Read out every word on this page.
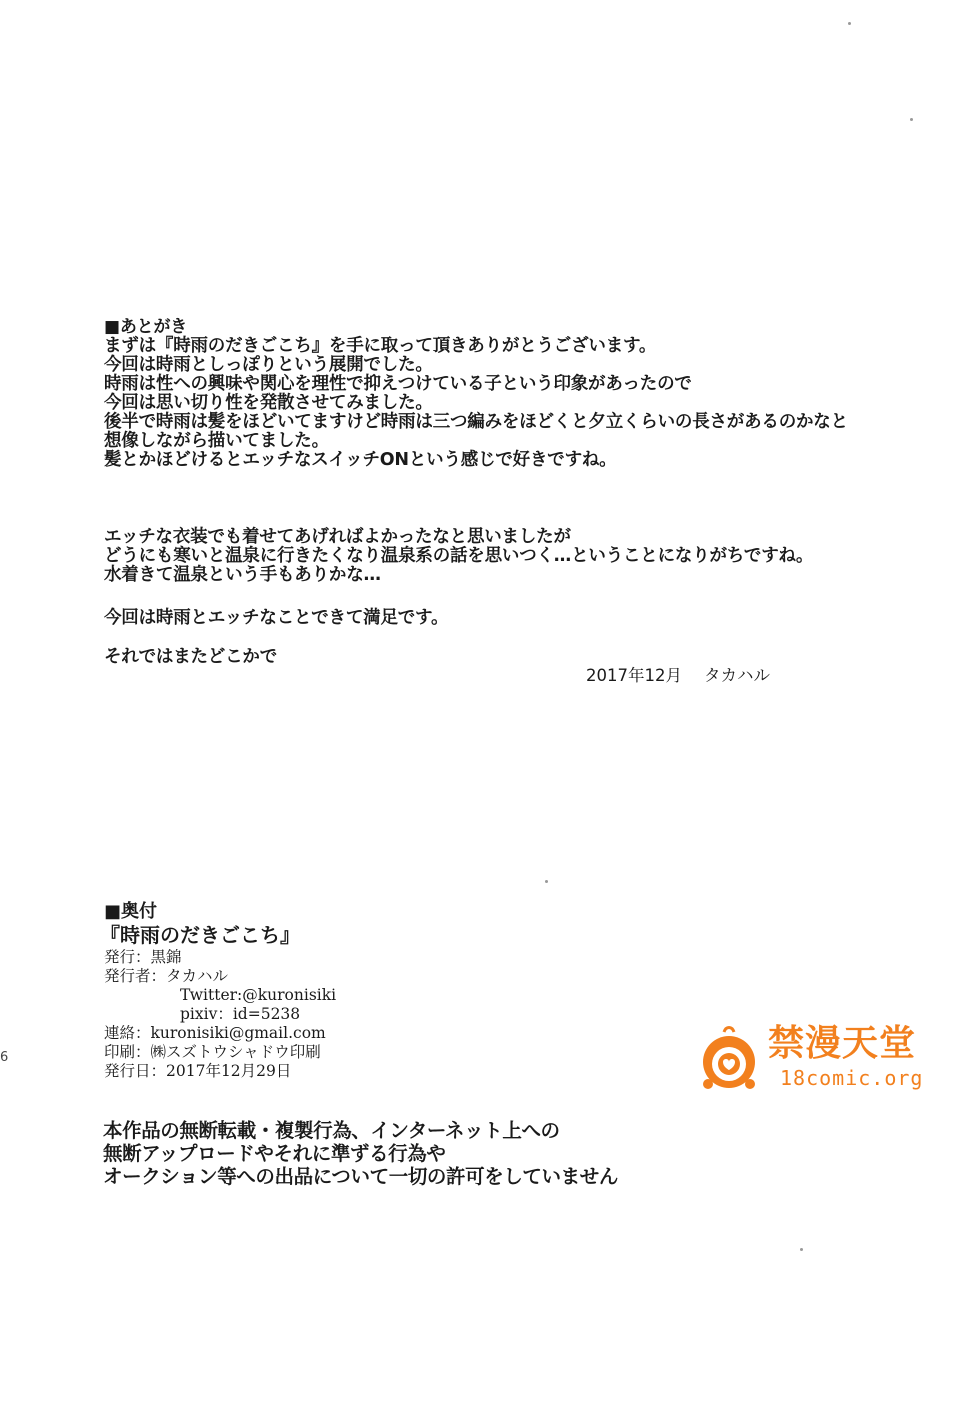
■あとがき
まずは『時雨のだきごこち』を手に取って頂きありがとうございます。
今回は時雨としっぽりという展開でした。
時雨は性への興味や関心を理性で抑えつけている子という印象があったので
今回は思い切り性を発散させてみました。
後半で時雨は髪をほどいてますけど時雨は三つ編みをほどくと夕立くらいの長さがあるのかなと
想像しながら描いてました。
髪とかほどけるとエッチなスイッチONという感じで好きですね。
エッチな衣装でも着せてあげればよかったなと思いましたが
どうにも寒いと温泉に行きたくなり温泉系の話を思いつく…ということになりがちですね。
水着きて温泉という手もありかな…
今回は時雨とエッチなことできて満足です。
それではまたどこかで
2017年12月 タカハル
■奥付
『時雨のだきごこち』
発行：黒錦
発行者：タカハル
Twitter:@kuronisiki
pixiv：id=5238
連絡：kuronisiki@gmail.com
印刷：㈱スズトウシャドウ印刷
発行日：2017年12月29日
本作品の無断転載・複製行為、インターネット上への
無断アップロードやそれに準ずる行為や
オークション等への出品について一切の許可をしていません
6	禁漫天堂
18comic.org
